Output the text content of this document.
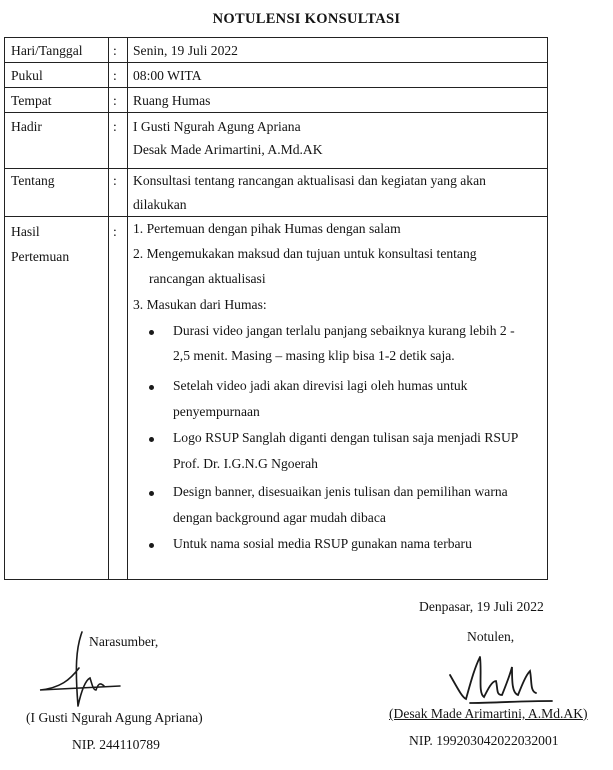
NOTULENSI KONSULTASI
Hari/Tanggal : Senin, 19 Juli 2022
Pukul	: 08:00 WITA
Tempat	: Ruang Humas
Hadir	: I Gusti Ngurah Agung Apriana
Desak Made Arimartini, A.Md.AK
Tentang	: Konsultasi tentang rancangan aktualisasi dan kegiatan yang akan
dilakukan
Hasil
Pertemuan
: 1. Pertemuan dengan pihak Humas dengan salam
2. Mengemukakan maksud dan tujuan untuk konsultasi tentang
rancangan aktualisasi
3. Masukan dari Humas:
Durasi video jangan terlalu panjang sebaiknya kurang lebih 2 -
2,5 menit. Masing – masing klip bisa 1-2 detik saja.
Setelah video jadi akan direvisi lagi oleh humas untuk
penyempurnaan
Logo RSUP Sanglah diganti dengan tulisan saja menjadi RSUP
Prof. Dr. I.G.N.G Ngoerah
Design banner, disesuaikan jenis tulisan dan pemilihan warna
dengan background agar mudah dibaca
Untuk nama sosial media RSUP gunakan nama terbaru
Denpasar, 19 Juli 2022
Narasumber,	Notulen,
(I Gusti Ngurah Agung Apriana)	(Desak Made Arimartini, A.Md.AK)
NIP. 244110789	NIP. 199203042022032001
